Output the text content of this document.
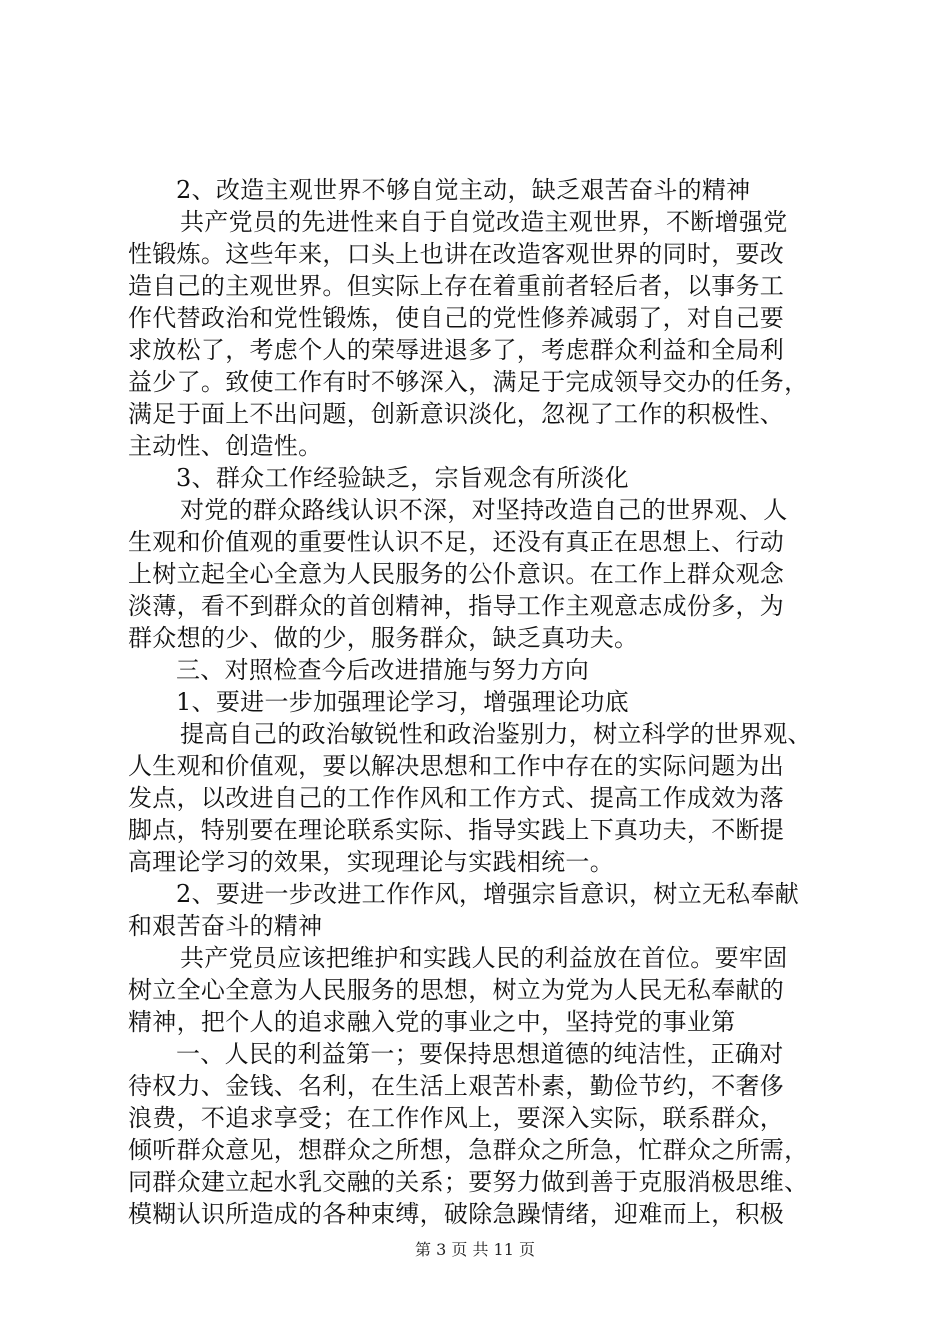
2、改造主观世界不够自觉主动，缺乏艰苦奋斗的精神
共产党员的先进性来自于自觉改造主观世界，不断增强党
性锻炼。这些年来，口头上也讲在改造客观世界的同时，要改
造自己的主观世界。但实际上存在着重前者轻后者，以事务工
作代替政治和党性锻炼，使自己的党性修养减弱了，对自己要
求放松了，考虑个人的荣辱进退多了，考虑群众利益和全局利
益少了。致使工作有时不够深入，满足于完成领导交办的任务，
满足于面上不出问题，创新意识淡化，忽视了工作的积极性、
主动性、创造性。
3、群众工作经验缺乏，宗旨观念有所淡化
对党的群众路线认识不深，对坚持改造自己的世界观、人
生观和价值观的重要性认识不足，还没有真正在思想上、行动
上树立起全心全意为人民服务的公仆意识。在工作上群众观念
淡薄，看不到群众的首创精神，指导工作主观意志成份多，为
群众想的少、做的少，服务群众，缺乏真功夫。
三、对照检查今后改进措施与努力方向
1、要进一步加强理论学习，增强理论功底
提高自己的政治敏锐性和政治鉴别力，树立科学的世界观、
人生观和价值观，要以解决思想和工作中存在的实际问题为出
发点，以改进自己的工作作风和工作方式、提高工作成效为落
脚点，特别要在理论联系实际、指导实践上下真功夫，不断提
高理论学习的效果，实现理论与实践相统一。
2、要进一步改进工作作风，增强宗旨意识，树立无私奉献
和艰苦奋斗的精神
共产党员应该把维护和实践人民的利益放在首位。要牢固
树立全心全意为人民服务的思想，树立为党为人民无私奉献的
精神，把个人的追求融入党的事业之中，坚持党的事业第
一、人民的利益第一；要保持思想道德的纯洁性，正确对
待权力、金钱、名利，在生活上艰苦朴素，勤俭节约，不奢侈
浪费，不追求享受；在工作作风上，要深入实际，联系群众，
倾听群众意见，想群众之所想，急群众之所急，忙群众之所需，
同群众建立起水乳交融的关系；要努力做到善于克服消极思维、
模糊认识所造成的各种束缚，破除急躁情绪，迎难而上，积极
第 3 页 共 11 页
